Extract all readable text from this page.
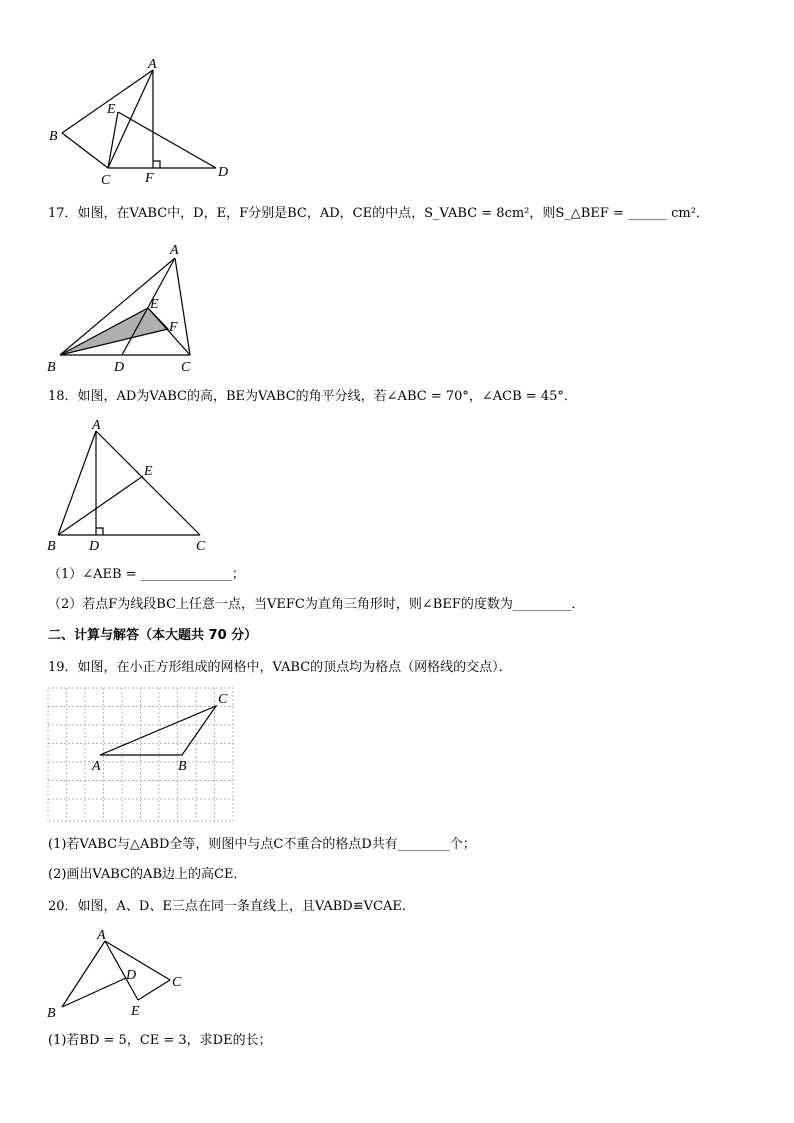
A
E
B
C F	D
A
E
F
B	D	C
A
E
B D	C
C
A	B
A
D	C
B	E
17．如图，在VABC中，D，E，F分别是BC，AD，CE的中点，S_VABC = 8cm²，则S_△BEF = ______ cm²．
18．如图，AD为VABC的高，BE为VABC的角平分线，若∠ABC = 70°，∠ACB = 45°．
（1）∠AEB = ______________；
（2）若点F为线段BC上任意一点，当VEFC为直角三角形时，则∠BEF的度数为_________．
二、计算与解答（本大题共 70 分）
19．如图，在小正方形组成的网格中，VABC的顶点均为格点（网格线的交点）．
(1)若VABC与△ABD全等，则图中与点C不重合的格点D共有________个；
(2)画出VABC的AB边上的高CE．
20．如图，A、D、E三点在同一条直线上，且VABD≌VCAE．
(1)若BD = 5，CE = 3，求DE的长；
